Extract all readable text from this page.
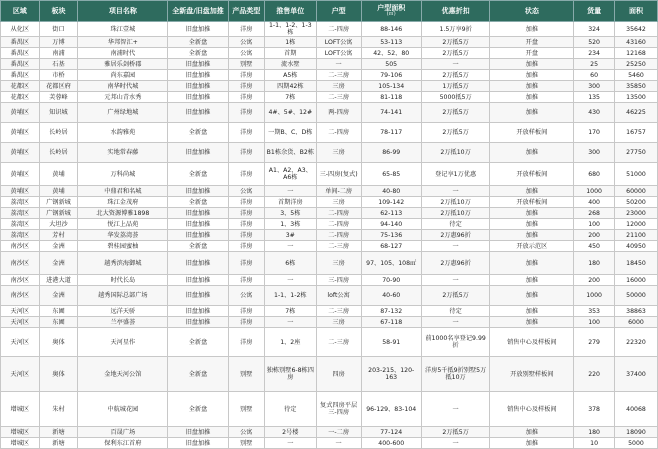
区域	板块	项目名称	全新盘/旧盘加推	产品类型	推售单位	户型	户型面积
(㎡)	优惠折扣	状态	货量	面积
从化区	街口	珠江壹城	旧盘加推	洋房	1-1、1-2、1-3栋	二-四房	88-146	1.5万享9折	加推	324	35642
番禺区	万博	华邦智汇+	全新盘	公寓	1栋	LOFT公寓	53-113	2万抵5万	开盘	520	43160
番禺区	南浦	南浦时代	全新盘	公寓	首期	LOFT公寓	42、52、80	2万抵5万	开盘	234	12168
番禺区	石基	雅居乐剑桥郡	旧盘加推	别墅	流水墅	一	505	一	加推	25	25250
番禺区	市桥	尚东嘉园	旧盘加推	洋房	A5栋	二-三房	79-106	2万抵5万	加推	60	5460
花都区	花都区府	南华时代城	旧盘加推	洋房	四期42栋	三房	105-134	1万抵5万	加推	300	35850
花都区	芙蓉峰	元邦山青水秀	旧盘加推	洋房	7栋	二-三房	81-118	5000抵5万	加推	135	13500
黄埔区	知识城	广州绿地城	旧盘加推	洋房	4#、5#、12#	两-四房	74-141	2万抵5万	加推	430	46225
黄埔区	长岭居	水韵雅苑	全新盘	洋房	一期B、C、D栋	二-四房	78-117	2万抵5万	开放样板间	170	16757
黄埔区	长岭居	实地常春藤	旧盘加推	洋房	B1栋余货、B2栋	三房	86-99	2万抵10万	加推	300	27750
黄埔区	黄埔	万科尚城	全新盘	洋房	A1、A2、A3、A6栋	三-四房(复式)	65-85	登记享1万优惠	开放样板间	680	51000
黄埔区	黄埔	中鼎君和名城	旧盘加推	公寓	一	单间-二房	40-80	一	加推	1000	60000
荔湾区	广钢新城	珠江金茂府	全新盘	洋房	首期洋房	三房	109-142	2万抵10万	开放样板间	400	50200
荔湾区	广钢新城	北大资源博雅1898	旧盘加推	洋房	3、5栋	二-四房	62-113	2万抵10万	加推	268	23000
荔湾区	大坦沙	悦江上品苑	旧盘加推	洋房	1、3栋	二-四房	94-140	待定	加推	100	12000
荔湾区	芳村	华发荔湾荟	旧盘加推	洋房	3#	二-四房	75-136	2万惠96折	加推	200	21100
南沙区	金洲	碧桂园蜜柚	全新盘	洋房	一	二-三房	68-127	一	开放示范区	450	40950
南沙区	金洲	越秀滨海御城	旧盘加推	洋房	6栋	三房	97、105、108㎡	2万惠96折	加推	180	18450
南沙区	进港大道	时代长岛	旧盘加推	洋房	一	三-四房	70-90	一	加推	200	16000
南沙区	金洲	越秀国际总部广场	旧盘加推	公寓	1-1、1-2栋	loft公寓	40-60	2万抵5万	加推	1000	50000
天河区	东圃	远洋天骄	旧盘加推	洋房	7栋	二-三房	87-132	待定	加推	353	38863
天河区	东圃	兰亭盛荟	旧盘加推	洋房	一	三房	67-118	一	加推	100	6000
天河区	奥体	天河星作	全新盘	洋房	1、2座	二-三房	58-91	前1000名享登记9.99折	销售中心及样板间	279	22320
天河区	奥体	金地天河公馆	全新盘	别墅	独栋别墅6-8栋四房	四房	203-215、120-163	洋房5千抵9折别墅5万抵10万	开放别墅样板间	220	37400
增城区	朱村	中航城花园	全新盘	别墅	待定	复式四房平层三-四房	96-129、83-104	一	销售中心及样板间	378	40068
增城区	新塘	百晟广场	旧盘加推	公寓	2号楼	一-二房	77-124	2万抵5万	加推	180	18090
增城区	新塘	保利东江首府	旧盘加推	别墅	一	一	400-600	一	加推	10	5000
